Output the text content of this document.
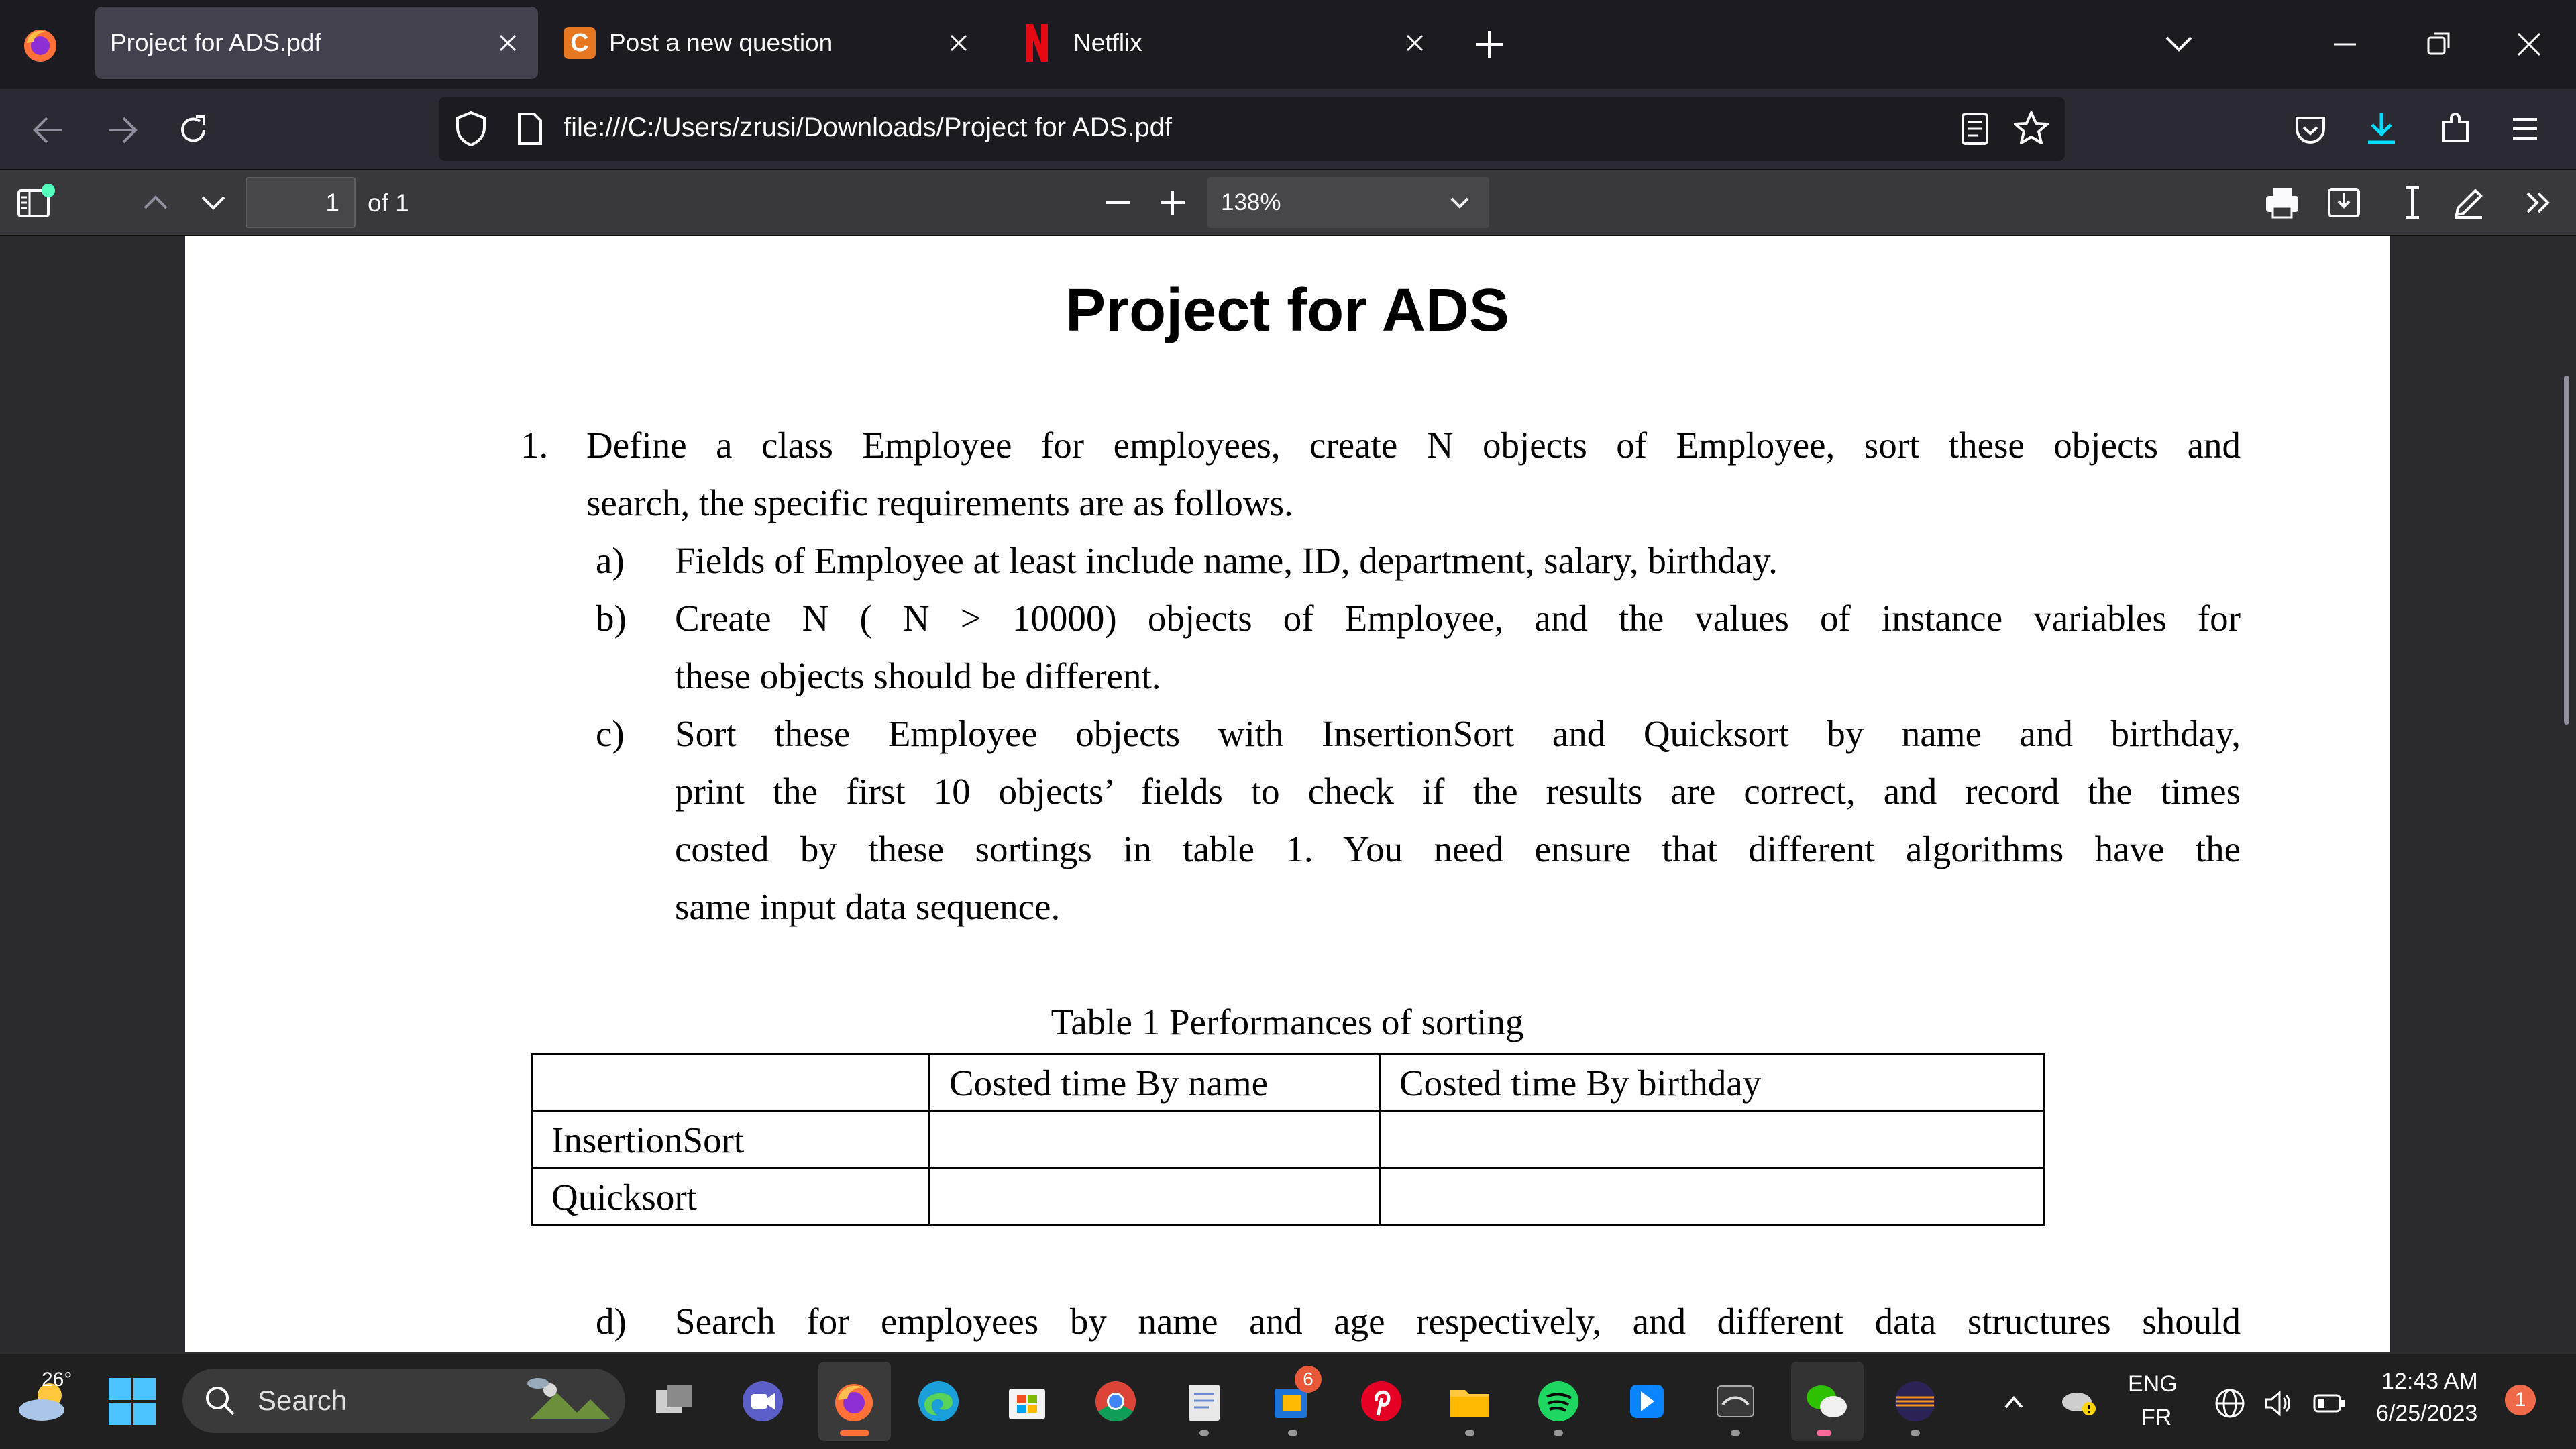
Project for ADS.pdf	C Post a new question	Netflix
file:///C:/Users/zrusi/Downloads/Project for ADS.pdf
1	of 1	138%
Project for ADS
1. Define a class Employee for employees, create N objects of Employee, sort these objects and
search, the specific requirements are as follows.
a) Fields of Employee at least include name, ID, department, salary, birthday.
b) Create N ( N > 10000) objects of Employee, and the values of instance variables for
these objects should be different.
c) Sort these Employee objects with InsertionSort and Quicksort by name and birthday,
print the first 10 objects’ fields to check if the results are correct, and record the times
costed by these sortings in table 1. You need ensure that different algorithms have the
same input data sequence.
Table 1 Performances of sorting
	Costed time By name	Costed time By birthday
InsertionSort		
Quicksort		
d) Search for employees by name and age respectively, and different data structures should
26°
Search
6	ENG
FR
12:43 AM
6/25/2023
1
